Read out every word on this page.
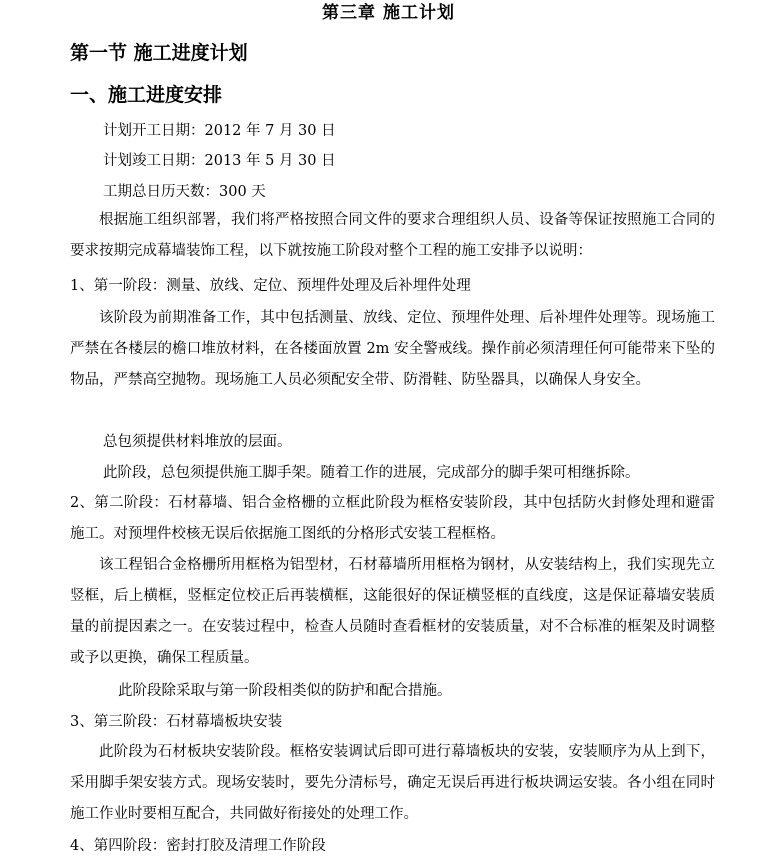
第三章 施工计划
第一节 施工进度计划
一、施工进度安排
计划开工日期：2012 年 7 月 30 日
计划竣工日期：2013 年 5 月 30 日
工期总日历天数：300 天
根据施工组织部署，我们将严格按照合同文件的要求合理组织人员、设备等保证按照施工合同的要求按期完成幕墙装饰工程，以下就按施工阶段对整个工程的施工安排予以说明：
1、第一阶段：测量、放线、定位、预埋件处理及后补埋件处理
该阶段为前期准备工作，其中包括测量、放线、定位、预埋件处理、后补埋件处理等。现场施工严禁在各楼层的檐口堆放材料，在各楼面放置 2m 安全警戒线。操作前必须清理任何可能带来下坠的物品，严禁高空抛物。现场施工人员必须配安全带、防滑鞋、防坠器具，以确保人身安全。
总包须提供材料堆放的层面。
此阶段，总包须提供施工脚手架。随着工作的进展，完成部分的脚手架可相继拆除。
2、第二阶段：石材幕墙、铝合金格栅的立框此阶段为框格安装阶段，其中包括防火封修处理和避雷施工。对预埋件校核无误后依据施工图纸的分格形式安装工程框格。
该工程铝合金格栅所用框格为铝型材，石材幕墙所用框格为钢材，从安装结构上，我们实现先立竖框，后上横框，竖框定位校正后再装横框，这能很好的保证横竖框的直线度，这是保证幕墙安装质量的前提因素之一。在安装过程中，检查人员随时查看框材的安装质量，对不合标准的框架及时调整或予以更换，确保工程质量。
此阶段除采取与第一阶段相类似的防护和配合措施。
3、第三阶段：石材幕墙板块安装
此阶段为石材板块安装阶段。框格安装调试后即可进行幕墙板块的安装，安装顺序为从上到下，采用脚手架安装方式。现场安装时，要先分清标号，确定无误后再进行板块调运安装。各小组在同时施工作业时要相互配合，共同做好衔接处的处理工作。
4、第四阶段：密封打胶及清理工作阶段
